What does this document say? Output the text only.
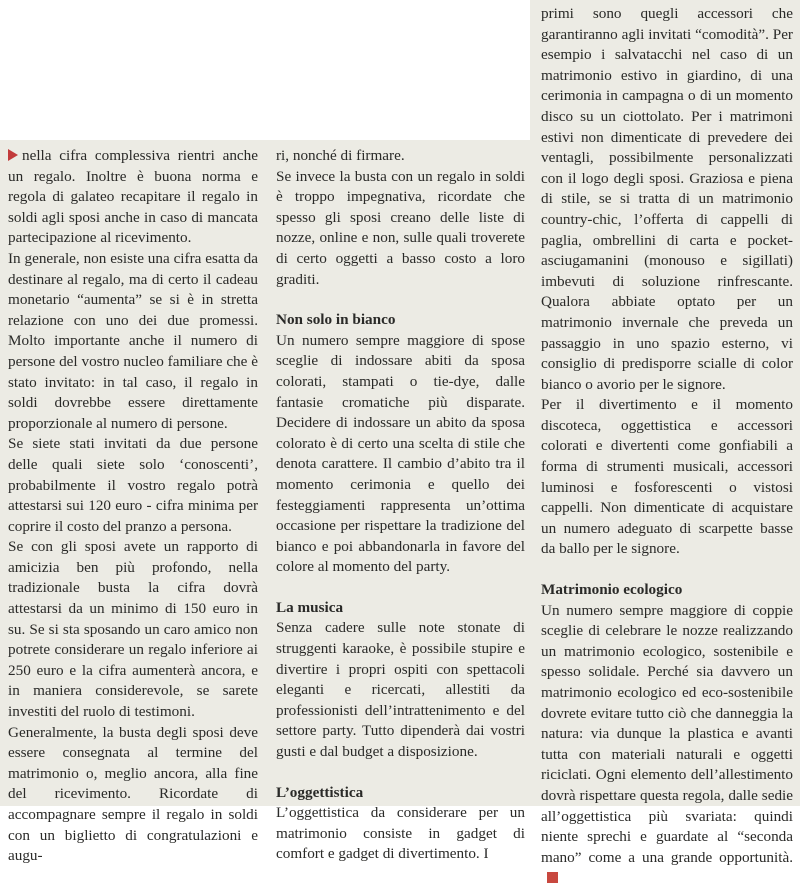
nella cifra complessiva rientri anche un regalo. Inoltre è buona norma e regola di galateo recapitare il regalo in soldi agli sposi anche in caso di mancata partecipazione al ricevimento.

In generale, non esiste una cifra esatta da destinare al regalo, ma di certo il cadeau monetario “aumenta” se si è in stretta relazione con uno dei due promessi. Molto importante anche il numero di persone del vostro nucleo familiare che è stato invitato: in tal caso, il regalo in soldi dovrebbe essere direttamente proporzionale al numero di persone.

Se siete stati invitati da due persone delle quali siete solo ‘conoscenti’, probabilmente il vostro regalo potrà attestarsi sui 120 euro - cifra minima per coprire il costo del pranzo a persona.

Se con gli sposi avete un rapporto di amicizia ben più profondo, nella tradizionale busta la cifra dovrà attestarsi da un minimo di 150 euro in su. Se si sta sposando un caro amico non potrete considerare un regalo inferiore ai 250 euro e la cifra aumenterà ancora, e in maniera considerevole, se sarete investiti del ruolo di testimoni.

Generalmente, la busta degli sposi deve essere consegnata al termine del matrimonio o, meglio ancora, alla fine del ricevimento. Ricordate di accompagnare sempre il regalo in soldi con un biglietto di congratulazioni e augu-

ri, nonché di firmare.

Se invece la busta con un regalo in soldi è troppo impegnativa, ricordate che spesso gli sposi creano delle liste di nozze, online e non, sulle quali troverete di certo oggetti a basso costo a loro graditi.

Non solo in bianco

Un numero sempre maggiore di spose sceglie di indossare abiti da sposa colorati, stampati o tie-dye, dalle fantasie cromatiche più disparate. Decidere di indossare un abito da sposa colorato è di certo una scelta di stile che denota carattere. Il cambio d’abito tra il momento cerimonia e quello dei festeggiamenti rappresenta un’ottima occasione per rispettare la tradizione del bianco e poi abbandonarla in favore del colore al momento del party.

La musica

Senza cadere sulle note stonate di struggenti karaoke, è possibile stupire e divertire i propri ospiti con spettacoli eleganti e ricercati, allestiti da professionisti dell’intrattenimento e del settore party. Tutto dipenderà dai vostri gusti e dal budget a disposizione.

L’oggettistica

L’oggettistica da considerare per un matrimonio consiste in gadget di comfort e gadget di divertimento. I

primi sono quegli accessori che garantiranno agli invitati “comodità”. Per esempio i salvatacchi nel caso di un matrimonio estivo in giardino, di una cerimonia in campagna o di un momento disco su un ciottolato. Per i matrimoni estivi non dimenticate di prevedere dei ventagli, possibilmente personalizzati con il logo degli sposi. Graziosa e piena di stile, se si tratta di un matrimonio country-chic, l’offerta di cappelli di paglia, ombrellini di carta e pocket-asciugamanini (monouso e sigillati) imbevuti di soluzione rinfrescante. Qualora abbiate optato per un matrimonio invernale che preveda un passaggio in uno spazio esterno, vi consiglio di predisporre scialle di color bianco o avorio per le signore.

Per il divertimento e il momento discoteca, oggettistica e accessori colorati e divertenti come gonfiabili a forma di strumenti musicali, accessori luminosi e fosforescenti o vistosi cappelli. Non dimenticate di acquistare un numero adeguato di scarpette basse da ballo per le signore.

Matrimonio ecologico

Un numero sempre maggiore di coppie sceglie di celebrare le nozze realizzando un matrimonio ecologico, sostenibile e spesso solidale. Perché sia davvero un matrimonio ecologico ed eco-sostenibile dovrete evitare tutto ciò che danneggia la natura: via dunque la plastica e avanti tutta con materiali naturali e oggetti riciclati. Ogni elemento dell’allestimento dovrà rispettare questa regola, dalle sedie all’oggettistica più svariata: quindi niente sprechi e guardate al “seconda mano” come a una grande opportunità.
